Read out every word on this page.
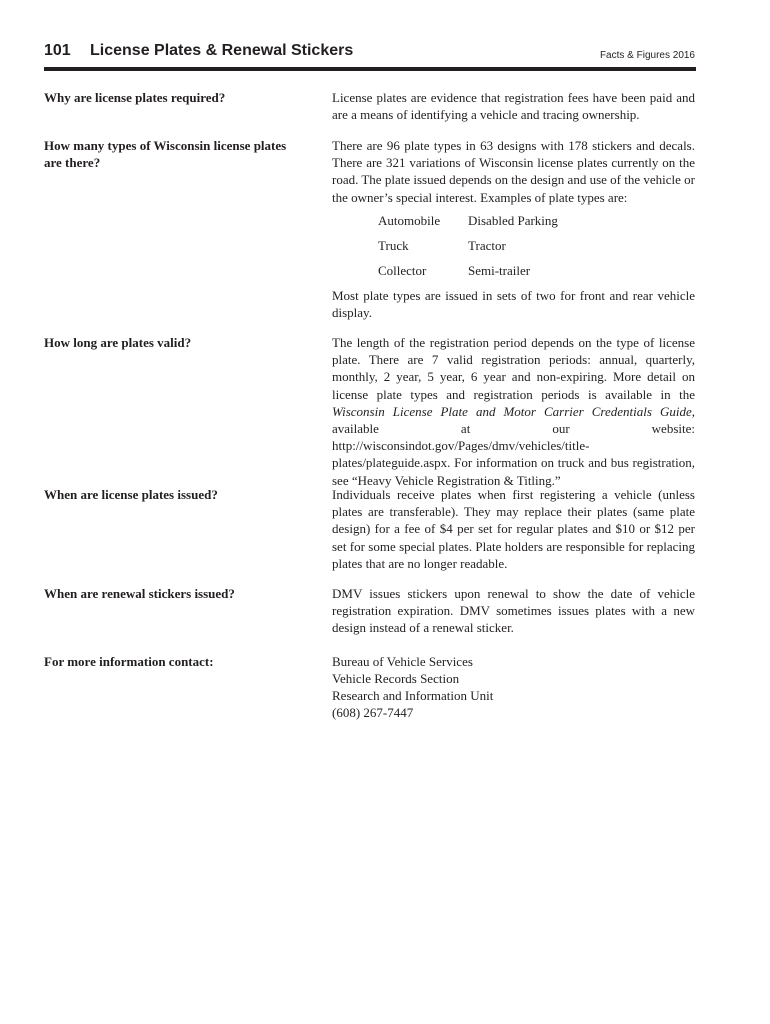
101 License Plates & Renewal Stickers	Facts & Figures 2016
Why are license plates required?	License plates are evidence that registration fees have been paid and are a means of identifying a vehicle and tracing ownership.

How many types of Wisconsin license plates are there?

There are 96 plate types in 63 designs with 178 stickers and decals. There are 321 variations of Wisconsin license plates currently on the road. The plate issued depends on the design and use of the vehicle or the owner’s special interest. Examples of plate types are:

Automobile	Disabled Parking
Truck	Tractor
Collector	Semi-trailer

Most plate types are issued in sets of two for front and rear vehicle display.

How long are plates valid?	The length of the registration period depends on the type of license plate. There are 7 valid registration periods: annual, quarterly, monthly, 2 year, 5 year, 6 year and non-expiring. More detail on license plate types and registration periods is available in the Wisconsin License Plate and Motor Carrier Credentials Guide, available at our website: http://wisconsindot.gov/Pages/dmv/vehicles/title-plates/plateguide.aspx. For information on truck and bus registration, see “Heavy Vehicle Registration & Titling.”

When are license plates issued?	Individuals receive plates when first registering a vehicle (unless plates are transferable). They may replace their plates (same plate design) for a fee of $4 per set for regular plates and $10 or $12 per set for some special plates. Plate holders are responsible for replacing plates that are no longer readable.

When are renewal stickers issued?	DMV issues stickers upon renewal to show the date of vehicle registration expiration. DMV sometimes issues plates with a new design instead of a renewal sticker.

For more information contact:	Bureau of Vehicle Services
Vehicle Records Section
Research and Information Unit
(608) 267-7447
